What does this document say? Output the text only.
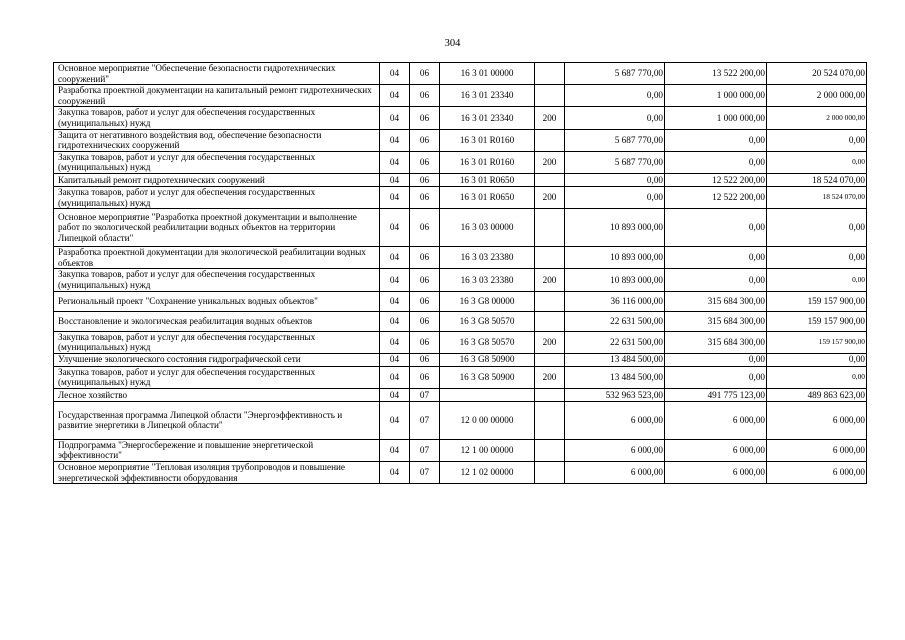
304
Основное мероприятие "Обеспечение безопасности гидротехнических сооружений"	04	06	16 3 01 00000		5 687 770,00	13 522 200,00	20 524 070,00
Разработка проектной документации на капитальный ремонт гидротехнических сооружений	04	06	16 3 01 23340		0,00	1 000 000,00	2 000 000,00
Закупка товаров, работ и услуг для обеспечения государственных (муниципальных) нужд	04	06	16 3 01 23340	200	0,00	1 000 000,00	2 000 000,00
Защита от негативного воздействия вод, обеспечение безопасности гидротехнических сооружений	04	06	16 3 01 R0160		5 687 770,00	0,00	0,00
Закупка товаров, работ и услуг для обеспечения государственных (муниципальных) нужд	04	06	16 3 01 R0160	200	5 687 770,00	0,00	0,00
Капитальный ремонт гидротехнических сооружений	04	06	16 3 01 R0650		0,00	12 522 200,00	18 524 070,00
Закупка товаров, работ и услуг для обеспечения государственных (муниципальных) нужд	04	06	16 3 01 R0650	200	0,00	12 522 200,00	18 524 070,00
Основное мероприятие "Разработка проектной документации и выполнение работ по экологической реабилитации водных объектов на территории Липецкой области"	04	06	16 3 03 00000		10 893 000,00	0,00	0,00
Разработка проектной документации для экологической реабилитации водных объектов	04	06	16 3 03 23380		10 893 000,00	0,00	0,00
Закупка товаров, работ и услуг для обеспечения государственных (муниципальных) нужд	04	06	16 3 03 23380	200	10 893 000,00	0,00	0,00
Региональный проект "Сохранение уникальных водных объектов"	04	06	16 3 G8 00000		36 116 000,00	315 684 300,00	159 157 900,00
Восстановление и экологическая реабилитация водных объектов	04	06	16 3 G8 50570		22 631 500,00	315 684 300,00	159 157 900,00
Закупка товаров, работ и услуг для обеспечения государственных (муниципальных) нужд	04	06	16 3 G8 50570	200	22 631 500,00	315 684 300,00	159 157 900,00
Улучшение экологического состояния гидрографической сети	04	06	16 3 G8 50900		13 484 500,00	0,00	0,00
Закупка товаров, работ и услуг для обеспечения государственных (муниципальных) нужд	04	06	16 3 G8 50900	200	13 484 500,00	0,00	0,00
Лесное хозяйство	04	07			532 963 523,00	491 775 123,00	489 863 623,00
Государственная программа Липецкой области "Энергоэффективность и развитие энергетики в Липецкой области"	04	07	12 0 00 00000		6 000,00	6 000,00	6 000,00
Подпрограмма "Энергосбережение и повышение энергетической эффективности"	04	07	12 1 00 00000		6 000,00	6 000,00	6 000,00
Основное мероприятие "Тепловая изоляция трубопроводов и повышение энергетической эффективности оборудования	04	07	12 1 02 00000		6 000,00	6 000,00	6 000,00
